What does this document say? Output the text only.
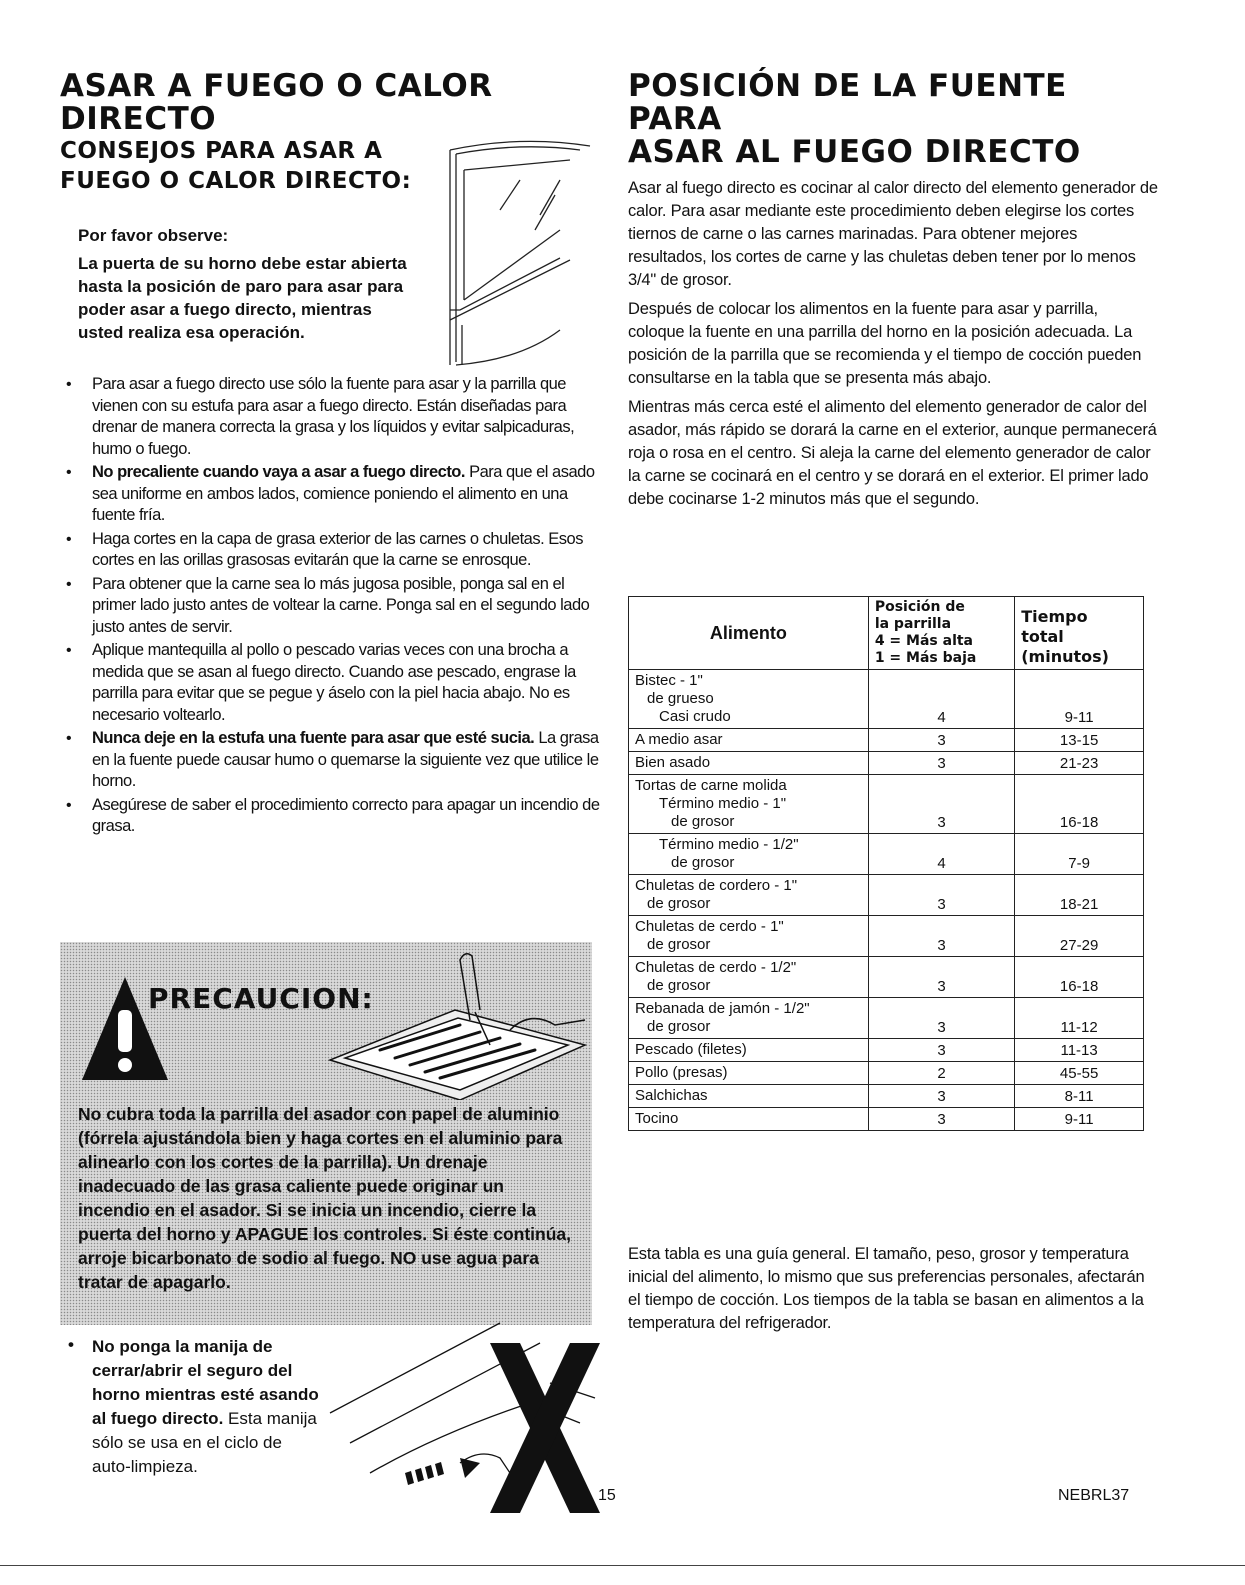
ASAR A FUEGO O CALOR DIRECTO
CONSEJOS PARA ASAR A
FUEGO O CALOR DIRECTO:

Por favor observe:

La puerta de su horno debe estar abierta hasta la posición de paro para asar para poder asar a fuego directo, mientras usted realiza esa operación.

• Para asar a fuego directo use sólo la fuente para asar y la parrilla que vienen con su estufa para asar a fuego directo. Están diseñadas para drenar de manera correcta la grasa y los líquidos y evitar salpicaduras, humo o fuego.
• No precaliente cuando vaya a asar a fuego directo. Para que el asado sea uniforme en ambos lados, comience poniendo el alimento en una fuente fría.
• Haga cortes en la capa de grasa exterior de las carnes o chuletas. Esos cortes en las orillas grasosas evitarán que la carne se enrosque.
• Para obtener que la carne sea lo más jugosa posible, ponga sal en el primer lado justo antes de voltear la carne. Ponga sal en el segundo lado justo antes de servir.
• Aplique mantequilla al pollo o pescado varias veces con una brocha a medida que se asan al fuego directo. Cuando ase pescado, engrase la parrilla para evitar que se pegue y áselo con la piel hacia abajo. No es necesario voltearlo.
• Nunca deje en la estufa una fuente para asar que esté sucia. La grasa en la fuente puede causar humo o quemarse la siguiente vez que utilice le horno.
• Asegúrese de saber el procedimiento correcto para apagar un incendio de grasa.
PRECAUCION:

No cubra toda la parrilla del asador con papel de aluminio (fórrela ajustándola bien y haga cortes en el aluminio para alinearlo con los cortes de la parrilla). Un drenaje inadecuado de las grasa caliente puede originar un incendio en el asador. Si se inicia un incendio, cierre la puerta del horno y APAGUE los controles. Si éste continúa, arroje bicarbonato de sodio al fuego. NO use agua para tratar de apagarlo.

• No ponga la manija de cerrar/abrir el seguro del horno mientras esté asando al fuego directo. Esta manija sólo se usa en el ciclo de auto-limpieza.

POSICIÓN DE LA FUENTE PARA
ASAR AL FUEGO DIRECTO

Asar al fuego directo es cocinar al calor directo del elemento generador de calor. Para asar mediante este procedimiento deben elegirse los cortes tiernos de carne o las carnes marinadas. Para obtener mejores resultados, los cortes de carne y las chuletas deben tener por lo menos 3/4" de grosor.

Después de colocar los alimentos en la fuente para asar y parrilla, coloque la fuente en una parrilla del horno en la posición adecuada. La posición de la parrilla que se recomienda y el tiempo de cocción pueden consultarse en la tabla que se presenta más abajo.

Mientras más cerca esté el alimento del elemento generador de calor del asador, más rápido se dorará la carne en el exterior, aunque permanecerá roja o rosa en el centro. Si aleja la carne del elemento generador de calor la carne se cocinará en el centro y se dorará en el exterior. El primer lado debe cocinarse 1-2 minutos más que el segundo.

Alimento	Posición de
la parrilla
4 = Más alta
1 = Más baja	Tiempo
total
(minutos)
Bistec - 1"
de grueso
Casi crudo	4	9-11
A medio asar	3	13-15
Bien asado	3	21-23
Tortas de carne molida
Término medio - 1"
de grosor	3	16-18
Término medio - 1/2"
de grosor	4	7-9
Chuletas de cordero - 1"
de grosor	3	18-21
Chuletas de cerdo - 1"
de grosor	3	27-29
Chuletas de cerdo - 1/2"
de grosor	3	16-18
Rebanada de jamón - 1/2"
de grosor	3	11-12
Pescado (filetes)	3	11-13
Pollo (presas)	2	45-55
Salchichas	3	8-11
Tocino	3	9-11

Esta tabla es una guía general. El tamaño, peso, grosor y temperatura inicial del alimento, lo mismo que sus preferencias personales, afectarán el tiempo de cocción. Los tiempos de la tabla se basan en alimentos a la temperatura del refrigerador.

15	NEBRL37
